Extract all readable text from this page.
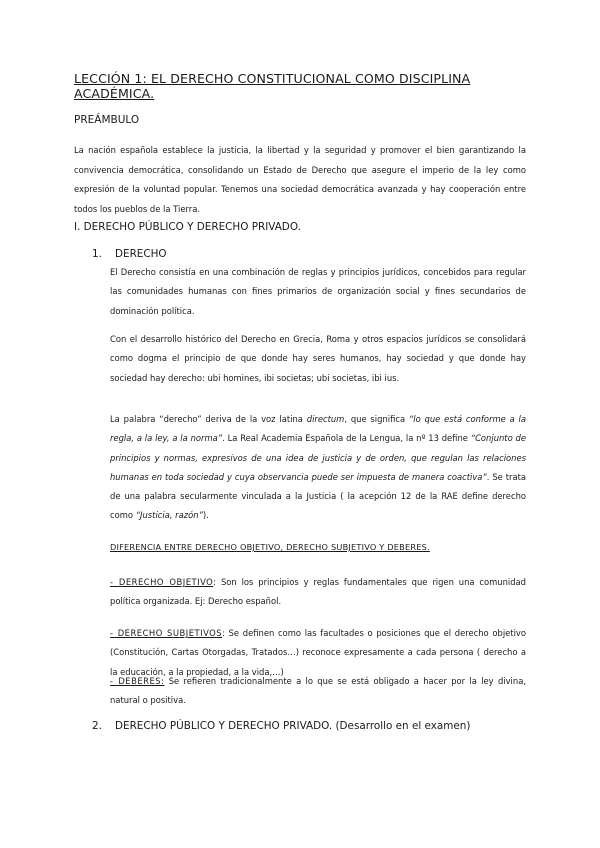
LECCIÓN 1: EL DERECHO CONSTITUCIONAL COMO DISCIPLINA ACADÉMICA.
PREÁMBULO

La nación española establece la justicia, la libertad y la seguridad y promover el bien garantizando la convivencia democrática, consolidando un Estado de Derecho que asegure el imperio de la ley como expresión de la voluntad popular. Tenemos una sociedad democrática avanzada y hay cooperación entre todos los pueblos de la Tierra.

I. DERECHO PÚBLICO Y DERECHO PRIVADO.
1. DERECHO

El Derecho consistía en una combinación de reglas y principios jurídicos, concebidos para regular las comunidades humanas con fines primarios de organización social y fines secundarios de dominación política.

Con el desarrollo histórico del Derecho en Grecia, Roma y otros espacios jurídicos se consolidará como dogma el principio de que donde hay seres humanos, hay sociedad y que donde hay sociedad hay derecho: ubi homines, ibi societas; ubi societas, ibi ius.

La palabra “derecho” deriva de la voz latina directum, que significa “lo que está conforme a la regla, a la ley, a la norma”. La Real Academia Española de la Lengua, la nº 13 define “Conjunto de principios y normas, expresivos de una idea de justicia y de orden, que regulan las relaciones humanas en toda sociedad y cuya observancia puede ser impuesta de manera coactiva”. Se trata de una palabra secularmente vinculada a la Justicia ( la acepción 12 de la RAE define derecho como “Justicia, razón”).

DIFERENCIA ENTRE DERECHO OBJETIVO, DERECHO SUBJETIVO Y DEBERES.

- DERECHO OBJETIVO: Son los principios y reglas fundamentales que rigen una comunidad política organizada. Ej: Derecho español.

- DERECHO SUBJETIVOS: Se definen como las facultades o posiciones que el derecho objetivo (Constitución, Cartas Otorgadas, Tratados…) reconoce expresamente a cada persona ( derecho a la educación, a la propiedad, a la vida,…)

- DEBERES: Se refieren tradicionalmente a lo que se está obligado a hacer por la ley divina, natural o positiva.

2. DERECHO PÚBLICO Y DERECHO PRIVADO. (Desarrollo en el examen)
